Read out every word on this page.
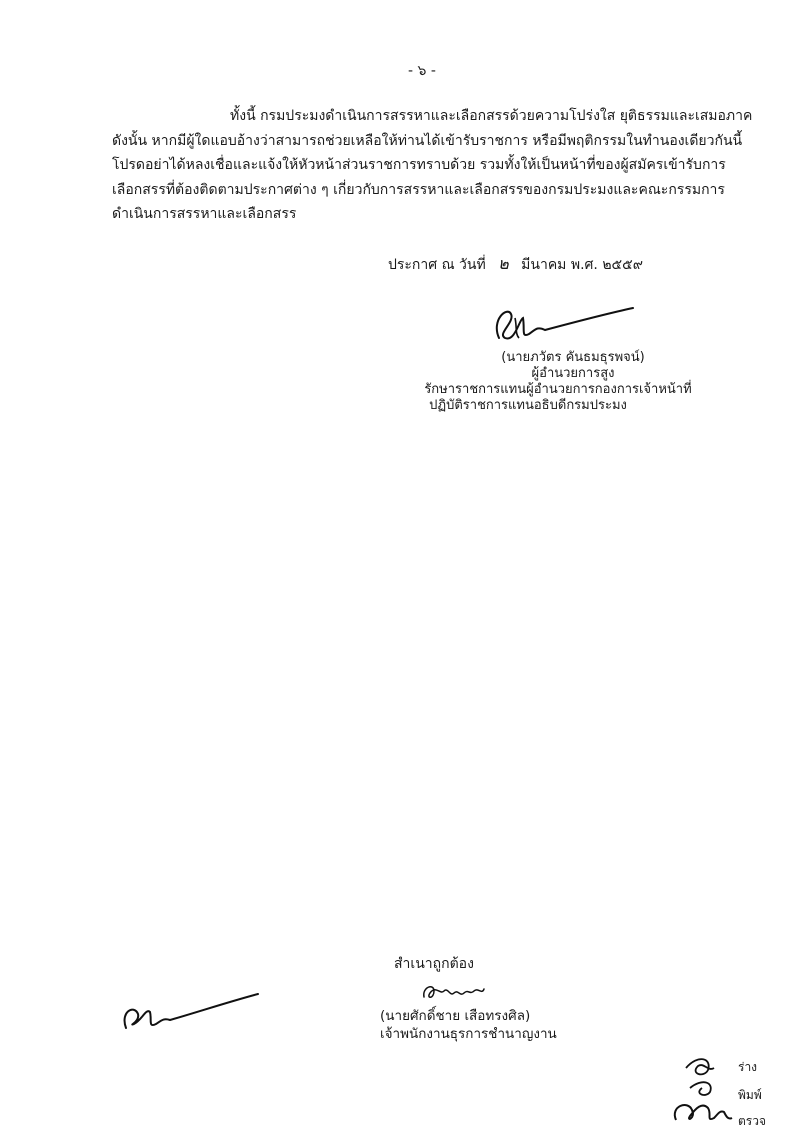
- ๖ -
ทั้งนี้ กรมประมงดำเนินการสรรหาและเลือกสรรด้วยความโปร่งใส ยุติธรรมและเสมอภาค
ดังนั้น หากมีผู้ใดแอบอ้างว่าสามารถช่วยเหลือให้ท่านได้เข้ารับราชการ หรือมีพฤติกรรมในทำนองเดียวกันนี้
โปรดอย่าได้หลงเชื่อและแจ้งให้หัวหน้าส่วนราชการทราบด้วย รวมทั้งให้เป็นหน้าที่ของผู้สมัครเข้ารับการ
เลือกสรรที่ต้องติดตามประกาศต่าง ๆ เกี่ยวกับการสรรหาและเลือกสรรของกรมประมงและคณะกรรมการ
ดำเนินการสรรหาและเลือกสรร
ประกาศ ณ วันที่ ๒ มีนาคม พ.ศ. ๒๕๕๙
(นายภวัตร คันธมธุรพจน์)
ผู้อำนวยการสูง
รักษาราชการแทนผู้อำนวยการกองการเจ้าหน้าที่
ปฏิบัติราชการแทนอธิบดีกรมประมง
สำเนาถูกต้อง
(นายศักดิ์ชาย เสือทรงศิล)
เจ้าพนักงานธุรการชำนาญงาน
ร่าง
พิมพ์
ตรวจ
